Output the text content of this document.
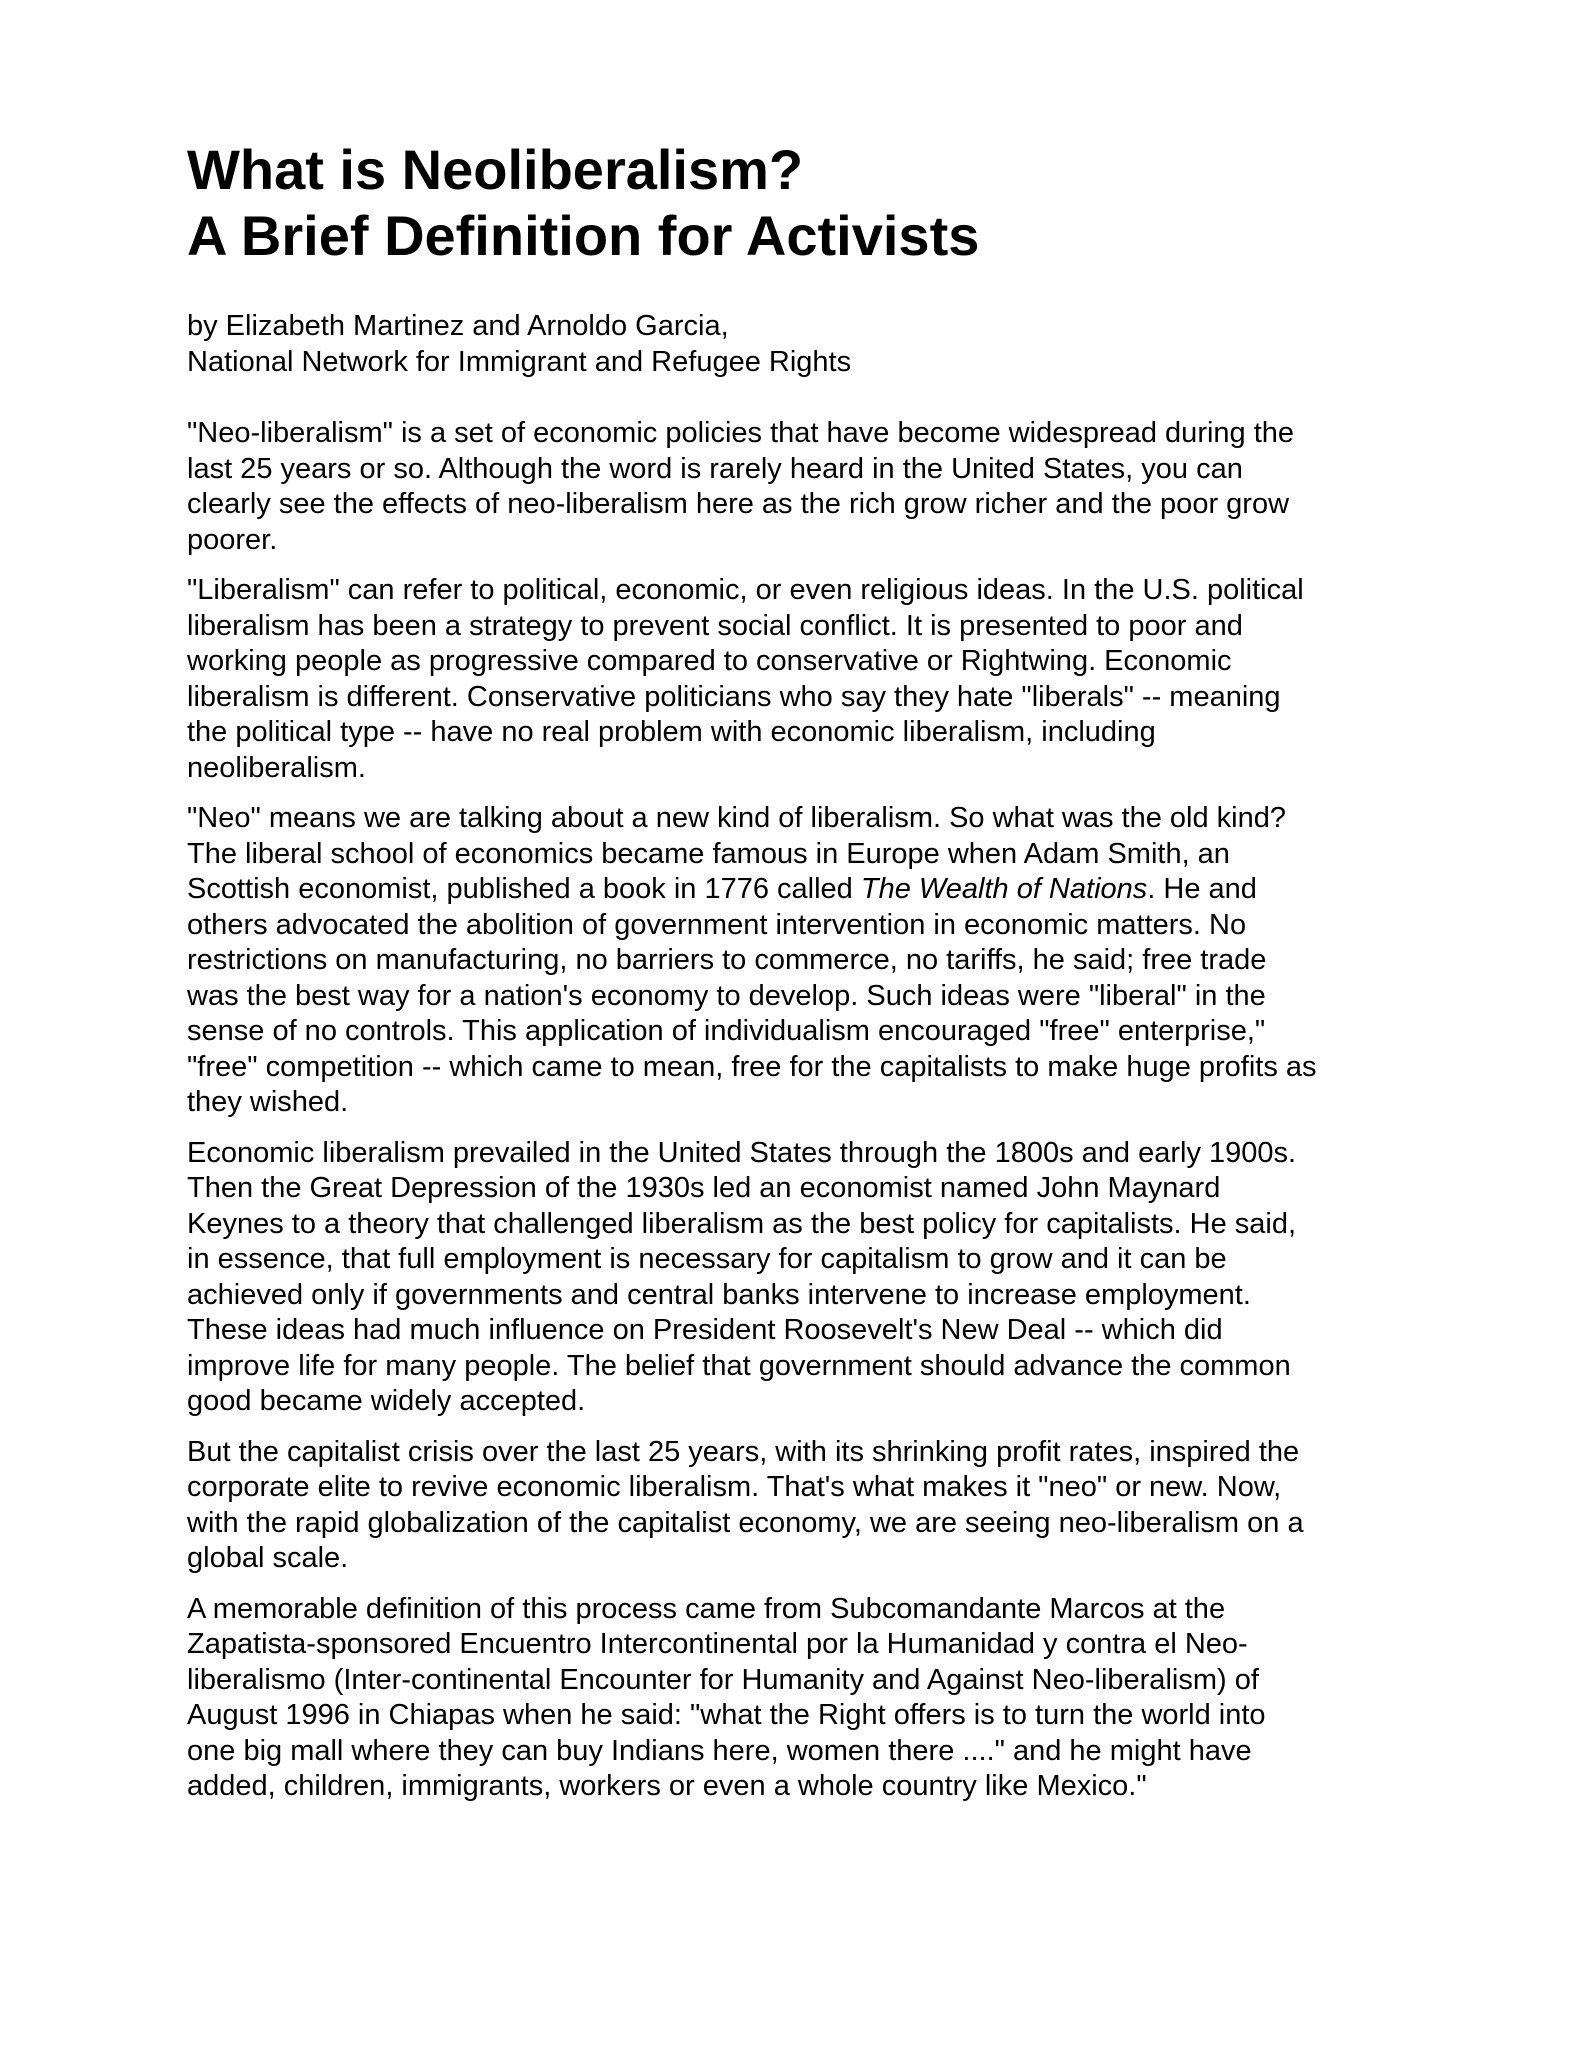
What is Neoliberalism?
A Brief Definition for Activists
by Elizabeth Martinez and Arnoldo Garcia,
National Network for Immigrant and Refugee Rights

"Neo-liberalism" is a set of economic policies that have become widespread during the
last 25 years or so. Although the word is rarely heard in the United States, you can
clearly see the effects of neo-liberalism here as the rich grow richer and the poor grow
poorer.

"Liberalism" can refer to political, economic, or even religious ideas. In the U.S. political
liberalism has been a strategy to prevent social conflict. It is presented to poor and
working people as progressive compared to conservative or Rightwing. Economic
liberalism is different. Conservative politicians who say they hate "liberals" -- meaning
the political type -- have no real problem with economic liberalism, including
neoliberalism.

"Neo" means we are talking about a new kind of liberalism. So what was the old kind?
The liberal school of economics became famous in Europe when Adam Smith, an
Scottish economist, published a book in 1776 called The Wealth of Nations. He and
others advocated the abolition of government intervention in economic matters. No
restrictions on manufacturing, no barriers to commerce, no tariffs, he said; free trade
was the best way for a nation's economy to develop. Such ideas were "liberal" in the
sense of no controls. This application of individualism encouraged "free" enterprise,"
"free" competition -- which came to mean, free for the capitalists to make huge profits as
they wished.

Economic liberalism prevailed in the United States through the 1800s and early 1900s.
Then the Great Depression of the 1930s led an economist named John Maynard
Keynes to a theory that challenged liberalism as the best policy for capitalists. He said,
in essence, that full employment is necessary for capitalism to grow and it can be
achieved only if governments and central banks intervene to increase employment.
These ideas had much influence on President Roosevelt's New Deal -- which did
improve life for many people. The belief that government should advance the common
good became widely accepted.

But the capitalist crisis over the last 25 years, with its shrinking profit rates, inspired the
corporate elite to revive economic liberalism. That's what makes it "neo" or new. Now,
with the rapid globalization of the capitalist economy, we are seeing neo-liberalism on a
global scale.

A memorable definition of this process came from Subcomandante Marcos at the
Zapatista-sponsored Encuentro Intercontinental por la Humanidad y contra el Neo-
liberalismo (Inter-continental Encounter for Humanity and Against Neo-liberalism) of
August 1996 in Chiapas when he said: "what the Right offers is to turn the world into
one big mall where they can buy Indians here, women there ...." and he might have
added, children, immigrants, workers or even a whole country like Mexico."
